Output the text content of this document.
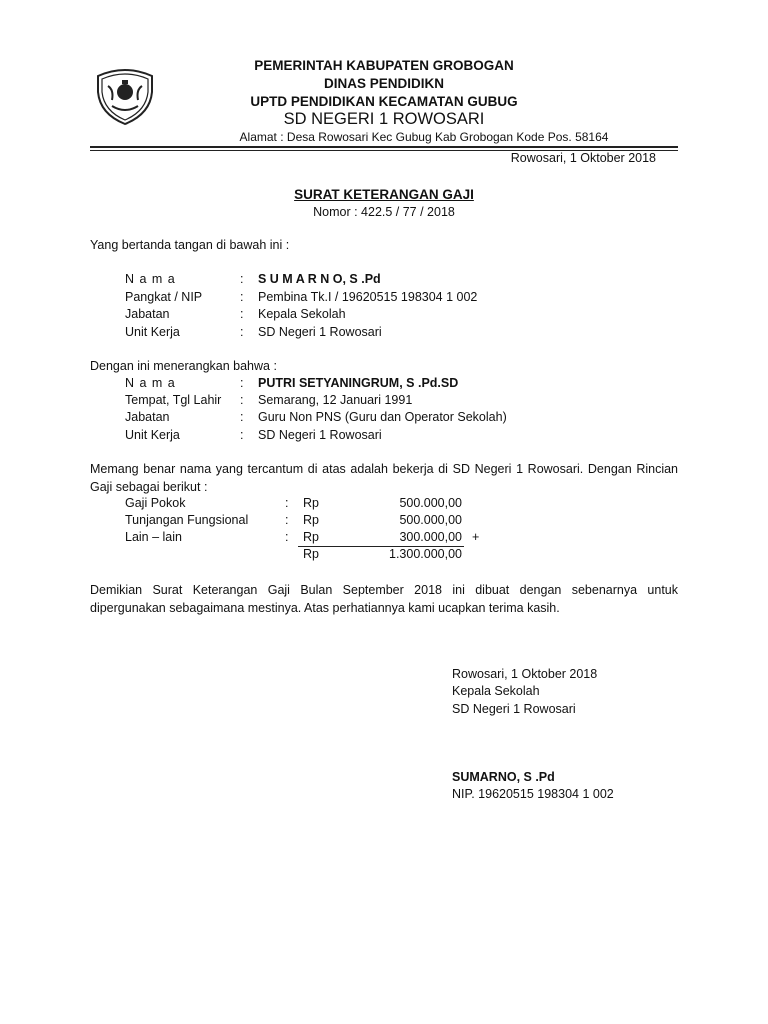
PEMERINTAH KABUPATEN GROBOGAN
DINAS PENDIDIKN
UPTD PENDIDIKAN KECAMATAN GUBUG
SD NEGERI 1 ROWOSARI
Alamat : Desa Rowosari Kec Gubug Kab Grobogan Kode Pos. 58164
Rowosari, 1 Oktober 2018
SURAT KETERANGAN GAJI
Nomor : 422.5 / 77 / 2018
Yang bertanda tangan di bawah ini :
N a m a	: S U M A R N O, S .Pd
Pangkat / NIP	: Pembina Tk.I / 19620515 198304 1 002
Jabatan	: Kepala Sekolah
Unit Kerja	: SD Negeri 1 Rowosari
Dengan ini menerangkan bahwa :
N a m a	: PUTRI SETYANINGRUM, S .Pd.SD
Tempat, Tgl Lahir : Semarang, 12 Januari 1991
Jabatan	: Guru Non PNS (Guru dan Operator Sekolah)
Unit Kerja	: SD Negeri 1 Rowosari
Memang benar nama yang tercantum di atas adalah bekerja di SD Negeri 1 Rowosari. Dengan Rincian Gaji sebagai berikut :
Gaji Pokok	: Rp	500.000,00
Tunjangan Fungsional	: Rp	500.000,00
Lain – lain	: Rp	300.000,00 +
Rp	1.300.000,00
Demikian Surat Keterangan Gaji Bulan September 2018 ini dibuat dengan sebenarnya untuk dipergunakan sebagaimana mestinya. Atas perhatiannya kami ucapkan terima kasih.
Rowosari, 1 Oktober 2018
Kepala Sekolah
SD Negeri 1 Rowosari
SUMARNO, S .Pd
NIP. 19620515 198304 1 002
